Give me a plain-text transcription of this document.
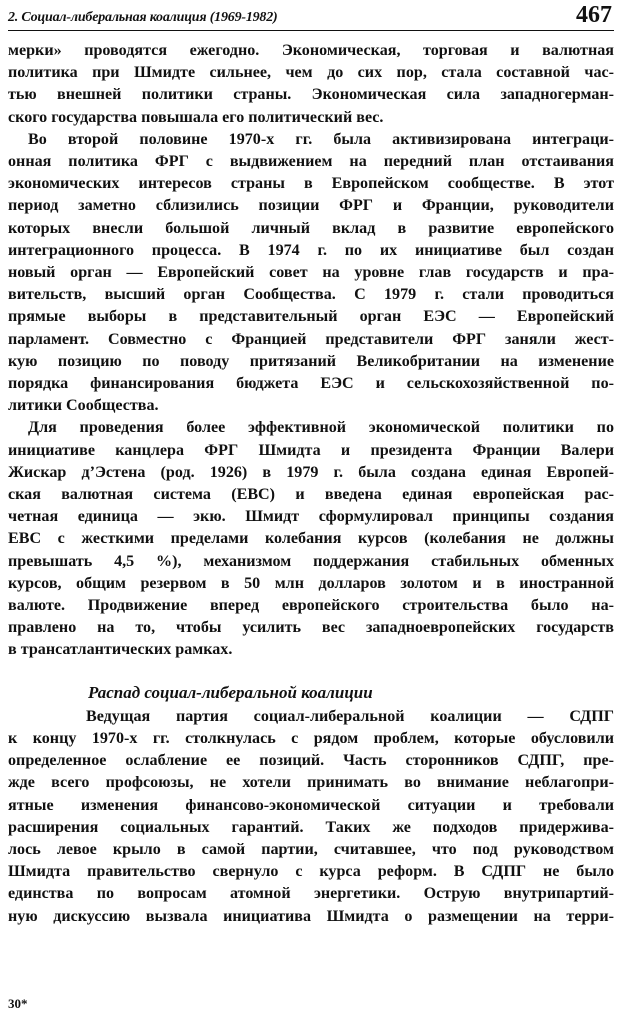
2. Социал-либеральная коалиция (1969-1982)	467

мерки» проводятся ежегодно. Экономическая, торговая и валютная
политика при Шмидте сильнее, чем до сих пор, стала составной час-
тью внешней политики страны. Экономическая сила западногерман-
ского государства повышала его политический вес.

Во второй половине 1970-х гг. была активизирована интеграци-
онная политика ФРГ с выдвижением на передний план отстаивания
экономических интересов страны в Европейском сообществе. В этот
период заметно сблизились позиции ФРГ и Франции, руководители
которых внесли большой личный вклад в развитие европейского
интеграционного процесса. В 1974 г. по их инициативе был создан
новый орган — Европейский совет на уровне глав государств и пра-
вительств, высший орган Сообщества. С 1979 г. стали проводиться
прямые выборы в представительный орган ЕЭС — Европейский
парламент. Совместно с Францией представители ФРГ заняли жест-
кую позицию по поводу притязаний Великобритании на изменение
порядка финансирования бюджета ЕЭС и сельскохозяйственной по-
литики Сообщества.

Для проведения более эффективной экономической политики по
инициативе канцлера ФРГ Шмидта и президента Франции Валери
Жискар д’Эстена (род. 1926) в 1979 г. была создана единая Европей-
ская валютная система (ЕВС) и введена единая европейская рас-
четная единица — экю. Шмидт сформулировал принципы создания
ЕВС с жесткими пределами колебания курсов (колебания не должны
превышать 4,5 %), механизмом поддержания стабильных обменных
курсов, общим резервом в 50 млн долларов золотом и в иностранной
валюте. Продвижение вперед европейского строительства было на-
правлено на то, чтобы усилить вес западноевропейских государств
в трансатлантических рамках.

Распад социал-либеральной коалиции

Ведущая партия социал-либеральной коалиции — СДПГ
к концу 1970-х гг. столкнулась с рядом проблем, которые обусловили
определенное ослабление ее позиций. Часть сторонников СДПГ, пре-
жде всего профсоюзы, не хотели принимать во внимание неблагопри-
ятные изменения финансово-экономической ситуации и требовали
расширения социальных гарантий. Таких же подходов придерживa-
лось левое крыло в самой партии, считавшее, что под руководством
Шмидта правительство свернуло с курса реформ. В СДПГ не было
единства по вопросам атомной энергетики. Острую внутрипартий-
ную дискуссию вызвала инициатива Шмидта о размещении на терри-

30*
